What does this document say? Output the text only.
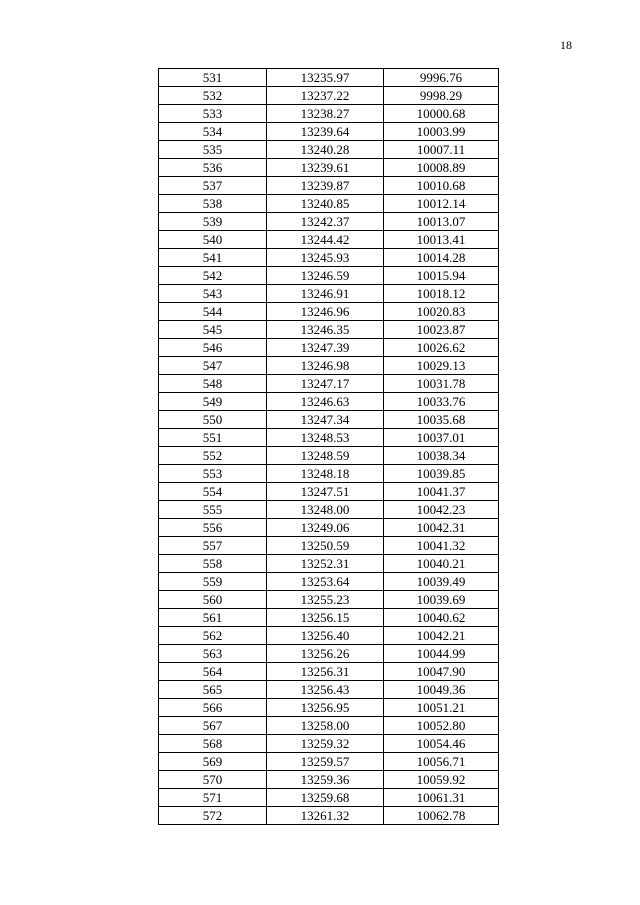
18
531	13235.97	9996.76
532	13237.22	9998.29
533	13238.27	10000.68
534	13239.64	10003.99
535	13240.28	10007.11
536	13239.61	10008.89
537	13239.87	10010.68
538	13240.85	10012.14
539	13242.37	10013.07
540	13244.42	10013.41
541	13245.93	10014.28
542	13246.59	10015.94
543	13246.91	10018.12
544	13246.96	10020.83
545	13246.35	10023.87
546	13247.39	10026.62
547	13246.98	10029.13
548	13247.17	10031.78
549	13246.63	10033.76
550	13247.34	10035.68
551	13248.53	10037.01
552	13248.59	10038.34
553	13248.18	10039.85
554	13247.51	10041.37
555	13248.00	10042.23
556	13249.06	10042.31
557	13250.59	10041.32
558	13252.31	10040.21
559	13253.64	10039.49
560	13255.23	10039.69
561	13256.15	10040.62
562	13256.40	10042.21
563	13256.26	10044.99
564	13256.31	10047.90
565	13256.43	10049.36
566	13256.95	10051.21
567	13258.00	10052.80
568	13259.32	10054.46
569	13259.57	10056.71
570	13259.36	10059.92
571	13259.68	10061.31
572	13261.32	10062.78
